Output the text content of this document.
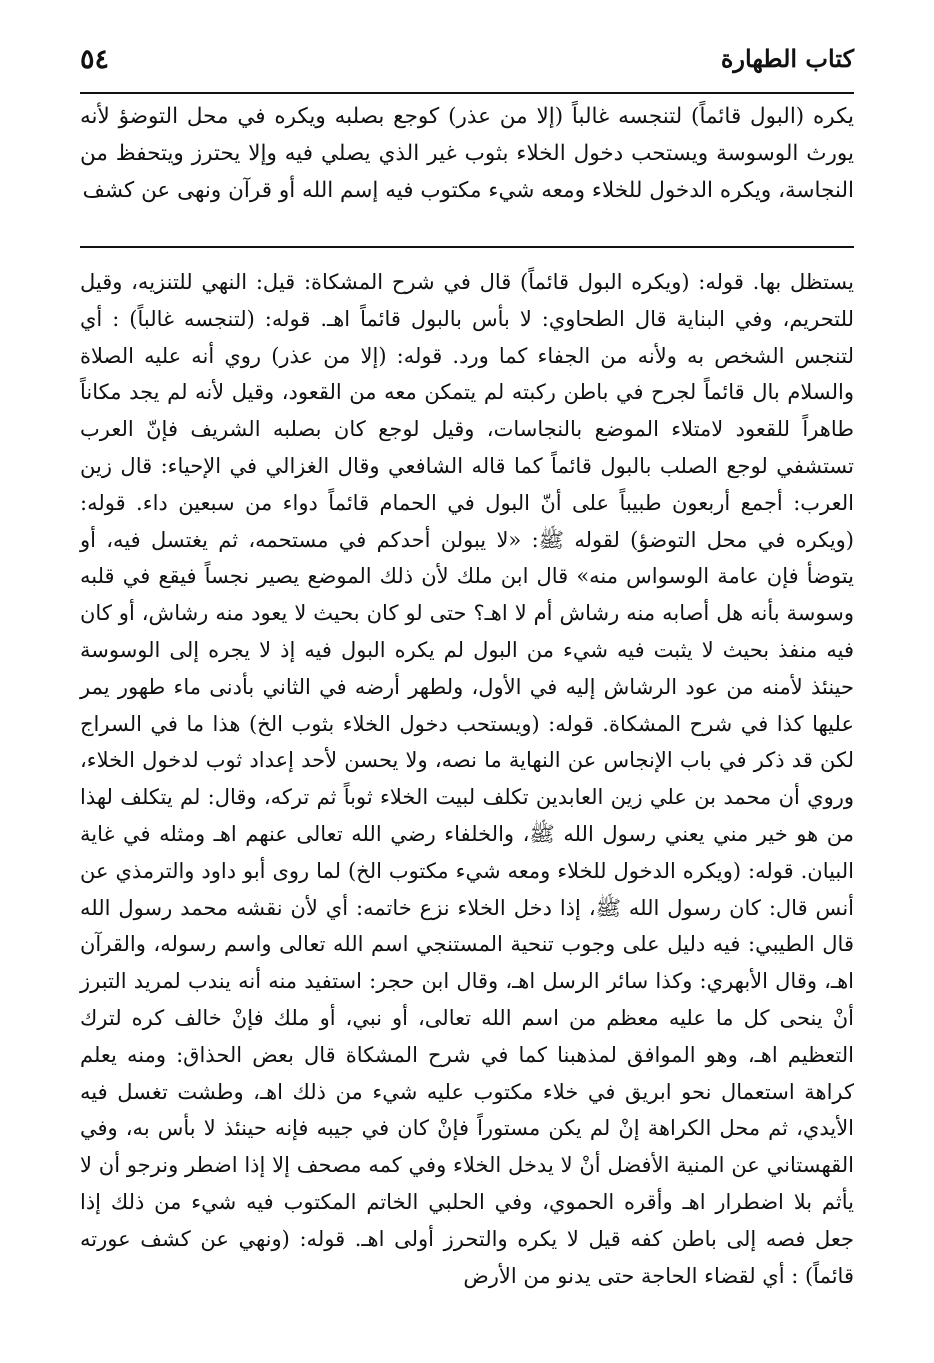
٥٤	كتاب الطهارة
يكره (البول قائماً) لتنجسه غالباً (إلا من عذر) كوجع بصلبه ويكره في محل التوضؤ لأنه يورث الوسوسة ويستحب دخول الخلاء بثوب غير الذي يصلي فيه وإلا يحترز ويتحفظ من النجاسة، ويكره الدخول للخلاء ومعه شيء مكتوب فيه إسم الله أو قرآن ونهى عن كشف
يستظل بها. قوله: (ويكره البول قائماً) قال في شرح المشكاة: قيل: النهي للتنزيه، وقيل للتحريم، وفي البناية قال الطحاوي: لا بأس بالبول قائماً اهـ. قوله: (لتنجسه غالباً) : أي لتنجس الشخص به ولأنه من الجفاء كما ورد. قوله: (إلا من عذر) روي أنه عليه الصلاة والسلام بال قائماً لجرح في باطن ركبته لم يتمكن معه من القعود، وقيل لأنه لم يجد مكاناً طاهراً للقعود لامتلاء الموضع بالنجاسات، وقيل لوجع كان بصلبه الشريف فإنّ العرب تستشفي لوجع الصلب بالبول قائماً كما قاله الشافعي وقال الغزالي في الإحياء: قال زين العرب: أجمع أربعون طبيباً على أنّ البول في الحمام قائماً دواء من سبعين داء. قوله: (ويكره في محل التوضؤ) لقوله ﷺ: «لا يبولن أحدكم في مستحمه، ثم يغتسل فيه، أو يتوضأ فإن عامة الوسواس منه» قال ابن ملك لأن ذلك الموضع يصير نجساً فيقع في قلبه وسوسة بأنه هل أصابه منه رشاش أم لا اهـ؟ حتى لو كان بحيث لا يعود منه رشاش، أو كان فيه منفذ بحيث لا يثبت فيه شيء من البول لم يكره البول فيه إذ لا يجره إلى الوسوسة حينئذ لأمنه من عود الرشاش إليه في الأول، ولطهر أرضه في الثاني بأدنى ماء طهور يمر عليها كذا في شرح المشكاة. قوله: (ويستحب دخول الخلاء بثوب الخ) هذا ما في السراج لكن قد ذكر في باب الإنجاس عن النهاية ما نصه، ولا يحسن لأحد إعداد ثوب لدخول الخلاء، وروي أن محمد بن علي زين العابدين تكلف لبيت الخلاء ثوباً ثم تركه، وقال: لم يتكلف لهذا من هو خير مني يعني رسول الله ﷺ، والخلفاء رضي الله تعالى عنهم اهـ ومثله في غاية البيان. قوله: (ويكره الدخول للخلاء ومعه شيء مكتوب الخ) لما روى أبو داود والترمذي عن أنس قال: كان رسول الله ﷺ، إذا دخل الخلاء نزع خاتمه: أي لأن نقشه محمد رسول الله قال الطيبي: فيه دليل على وجوب تنحية المستنجي اسم الله تعالى واسم رسوله، والقرآن اهـ، وقال الأبهري: وكذا سائر الرسل اهـ، وقال ابن حجر: استفيد منه أنه يندب لمريد التبرز أنْ ينحى كل ما عليه معظم من اسم الله تعالى، أو نبي، أو ملك فإنْ خالف كره لترك التعظيم اهـ، وهو الموافق لمذهبنا كما في شرح المشكاة قال بعض الحذاق: ومنه يعلم كراهة استعمال نحو ابريق في خلاء مكتوب عليه شيء من ذلك اهـ، وطشت تغسل فيه الأيدي، ثم محل الكراهة إنْ لم يكن مستوراً فإنْ كان في جيبه فإنه حينئذ لا بأس به، وفي القهستاني عن المنية الأفضل أنْ لا يدخل الخلاء وفي كمه مصحف إلا إذا اضطر ونرجو أن لا يأثم بلا اضطرار اهـ وأقره الحموي، وفي الحلبي الخاتم المكتوب فيه شيء من ذلك إذا جعل فصه إلى باطن كفه قيل لا يكره والتحرز أولى اهـ. قوله: (ونهي عن كشف عورته قائماً) : أي لقضاء الحاجة حتى يدنو من الأرض
